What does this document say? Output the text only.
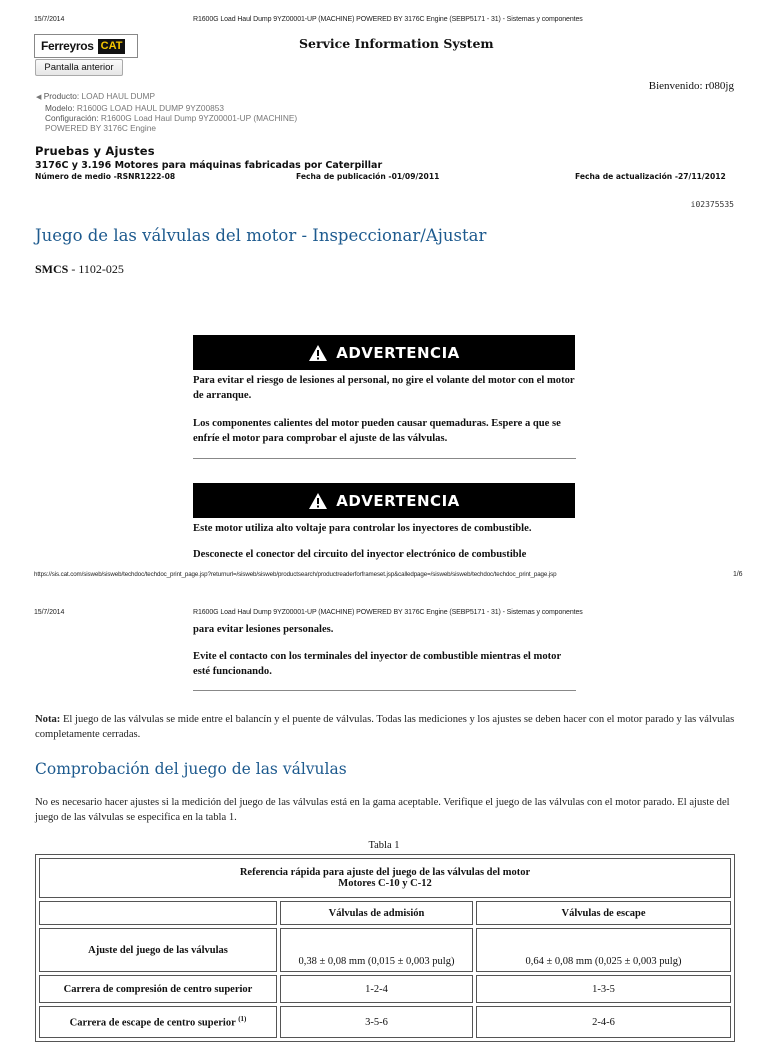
15/7/2014	R1600G Load Haul Dump 9YZ00001-UP (MACHINE) POWERED BY 3176C Engine (SEBP5171 - 31) - Sistemas y componentes
Ferreyros CAT
Pantalla anterior
Service Information System
Bienvenido: r080jg
◀ Producto: LOAD HAUL DUMP
Modelo: R1600G LOAD HAUL DUMP 9YZ00853
Configuración: R1600G Load Haul Dump 9YZ00001-UP (MACHINE)
POWERED BY 3176C Engine
Pruebas y Ajustes
3176C y 3.196 Motores para máquinas fabricadas por Caterpillar
Número de medio -RSNR1222-08	Fecha de publicación -01/09/2011	Fecha de actualización -27/11/2012
i02375535
Juego de las válvulas del motor - Inspeccionar/Ajustar
SMCS - 1102-025
ADVERTENCIA
Para evitar el riesgo de lesiones al personal, no gire el volante del motor con el motor de arranque.
Los componentes calientes del motor pueden causar quemaduras. Espere a que se enfríe el motor para comprobar el ajuste de las válvulas.
ADVERTENCIA
Este motor utiliza alto voltaje para controlar los inyectores de combustible.
Desconecte el conector del circuito del inyector electrónico de combustible
https://sis.cat.com/sisweb/sisweb/techdoc/techdoc_print_page.jsp?returnurl=/sisweb/sisweb/productsearch/productreaderforframeset.jsp&calledpage=/sisweb/sisweb/techdoc/techdoc_print_page.jsp	1/6
15/7/2014	R1600G Load Haul Dump 9YZ00001-UP (MACHINE) POWERED BY 3176C Engine (SEBP5171 - 31) - Sistemas y componentes
para evitar lesiones personales.
Evite el contacto con los terminales del inyector de combustible mientras el motor esté funcionando.
Nota: El juego de las válvulas se mide entre el balancín y el puente de válvulas. Todas las mediciones y los ajustes se deben hacer con el motor parado y las válvulas completamente cerradas.
Comprobación del juego de las válvulas
No es necesario hacer ajustes si la medición del juego de las válvulas está en la gama aceptable. Verifique el juego de las válvulas con el motor parado. El ajuste del juego de las válvulas se especifica en la tabla 1.
Tabla 1
Referencia rápida para ajuste del juego de las válvulas del motor
Motores C-10 y C-12		

	Válvulas de admisión	Válvulas de escape
Ajuste del juego de las válvulas	0,38 ± 0,08 mm (0,015 ± 0,003 pulg)	0,64 ± 0,08 mm (0,025 ± 0,003 pulg)
Carrera de compresión de centro superior	1-2-4	1-3-5
Carrera de escape de centro superior $^{(1)}$	3-5-6	2-4-6
